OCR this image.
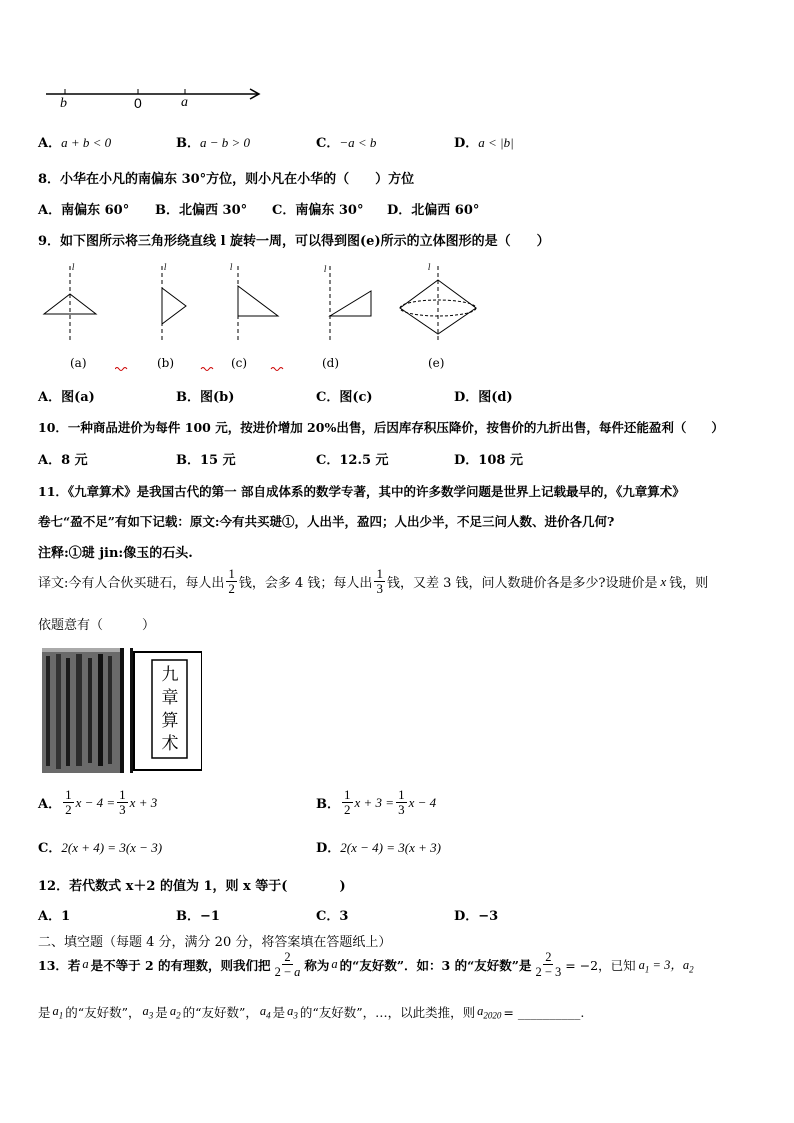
b	0	a
A．a + b < 0	B．a − b > 0	C．−a < b	D．a < |b|
8．小华在小凡的南偏东 30°方位，则小凡在小华的（　　）方位
A．南偏东 60° B．北偏西 30° C．南偏东 30° D．北偏西 60°
9．如下图所示将三角形绕直线 l 旋转一周，可以得到图(e)所示的立体图形的是（　　）
l	l	l	l	l
(a)	(b)	(c)	(d)	(e)
A．图(a)	B．图(b)	C．图(c)	D．图(d)
10．一种商品进价为每件 100 元，按进价增加 20%出售，后因库存积压降价，按售价的九折出售，每件还能盈利（　　）
A．8 元	B．15 元	C．12.5 元	D．108 元
11．《九章算术》是我国古代的第一 部自成体系的数学专著，其中的许多数学问题是世界上记载最早的，《九章算术》
卷七“盈不足”有如下记载：原文:今有共买琎①，人出半，盈四；人出少半，不足三问人数、进价各几何?
注释:①琎 jin:像玉的石头.
译文:今有人合伙买琎石，每人出 $\frac{1}{2}$ 钱，会多 4 钱；每人出 $\frac{1}{3}$ 钱，又差 3 钱，问人数琎价各是多少?设琎价是 x 钱，则
依题意有（　　　）
九
章
算
术
A． $\frac{1}{2}$ $x - 4 = \frac{1}{3}$ x + 3	B． $\frac{1}{2}$ $x + 3 = \frac{1}{3}$ x − 4
C．2(x + 4) = 3(x − 3)	D．2(x − 4) = 3(x + 3)
12．若代数式 x＋2 的值为 1，则 x 等于(　　　　)
A．1	B．−1	C．3	D．−3
二、填空题（每题 4 分，满分 20 分，将答案填在答题纸上）
13．若 a 是不等于 2 的有理数，则我们把 $\frac{2}{2 - a}$ 称为 a 的“友好数”．如：3 的“友好数”是 $\frac{2}{2 - 3} = -2$，已知 $a_1 = 3$，$a_2$
是 $a_1$ 的“友好数”， $a_3$ 是 $a_2$ 的“友好数”， $a_4$ 是 $a_3$ 的“友好数”，…，以此类推，则 $a_{2020}$ = __________.
